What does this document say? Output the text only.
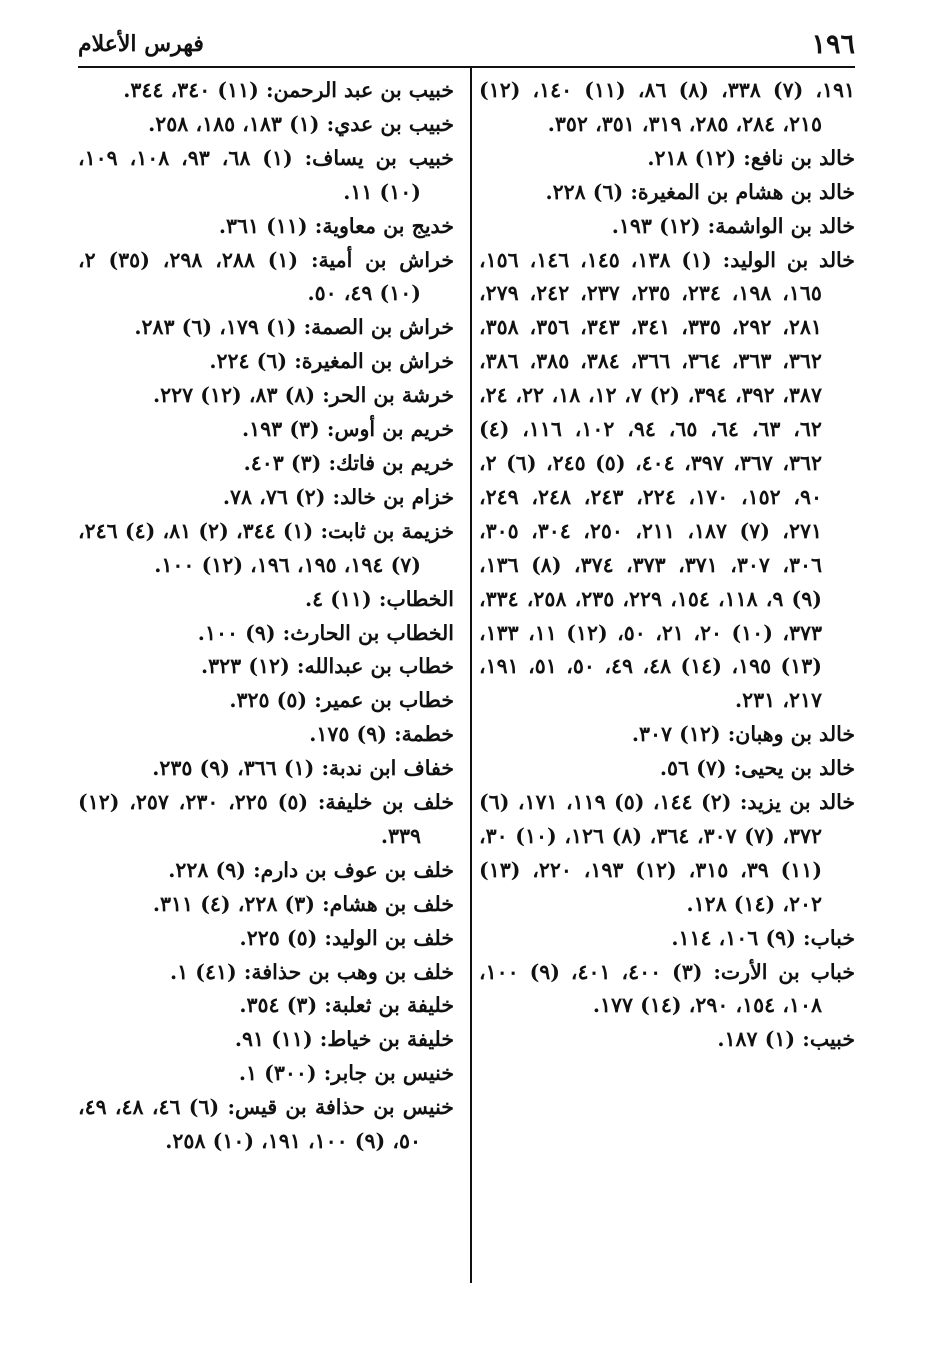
١٩٦
فهرس الأعلام

١٩١، (٧) ٣٣٨، (٨) ٨٦، (١١) ١٤٠، (١٢) ٢١٥، ٢٨٤، ٢٨٥، ٣١٩، ٣٥١، ٣٥٢.

خالد بن نافع: (١٢) ٢١٨.

خالد بن هشام بن المغيرة: (٦) ٢٢٨.

خالد بن الواشمة: (١٢) ١٩٣.

خالد بن الوليد: (١) ١٣٨، ١٤٥، ١٤٦، ١٥٦، ١٦٥، ١٩٨، ٢٣٤، ٢٣٥، ٢٣٧، ٢٤٢، ٢٧٩، ٢٨١، ٢٩٢، ٣٣٥، ٣٤١، ٣٤٣، ٣٥٦، ٣٥٨، ٣٦٢، ٣٦٣، ٣٦٤، ٣٦٦، ٣٨٤، ٣٨٥، ٣٨٦، ٣٨٧، ٣٩٢، ٣٩٤، (٢) ٧، ١٢، ١٨، ٢٢، ٢٤، ٦٢، ٦٣، ٦٤، ٦٥، ٩٤، ١٠٢، ١١٦، (٤) ٣٦٢، ٣٦٧، ٣٩٧، ٤٠٤، (٥) ٢٤٥، (٦) ٢، ٩٠، ١٥٢، ١٧٠، ٢٢٤، ٢٤٣، ٢٤٨، ٢٤٩، ٢٧١، (٧) ١٨٧، ٢١١، ٢٥٠، ٣٠٤، ٣٠٥، ٣٠٦، ٣٠٧، ٣٧١، ٣٧٣، ٣٧٤، (٨) ١٣٦، (٩) ٩، ١١٨، ١٥٤، ٢٢٩، ٢٣٥، ٢٥٨، ٣٣٤، ٣٧٣، (١٠) ٢٠، ٢١، ٥٠، (١٢) ١١، ١٣٣، (١٣) ١٩٥، (١٤) ٤٨، ٤٩، ٥٠، ٥١، ١٩١، ٢١٧، ٢٣١.

خالد بن وهبان: (١٢) ٣٠٧.

خالد بن يحيى: (٧) ٥٦.

خالد بن يزيد: (٢) ١٤٤، (٥) ١١٩، ١٧١، (٦) ٣٧٢، (٧) ٣٠٧، ٣٦٤، (٨) ١٢٦، (١٠) ٣٠، (١١) ٣٩، ٣١٥، (١٢) ١٩٣، ٢٢٠، (١٣) ٢٠٢، (١٤) ١٢٨.

خباب: (٩) ١٠٦، ١١٤.

خباب بن الأرت: (٣) ٤٠٠، ٤٠١، (٩) ١٠٠، ١٠٨، ١٥٤، ٢٩٠، (١٤) ١٧٧.

خبيب: (١) ١٨٧.

خبيب بن عبد الرحمن: (١١) ٣٤٠، ٣٤٤.

خبيب بن عدي: (١) ١٨٣، ١٨٥، ٢٥٨.

خبيب بن يساف: (١) ٦٨، ٩٣، ١٠٨، ١٠٩، (١٠) ١١.

خديج بن معاوية: (١١) ٣٦١.

خراش بن أمية: (١) ٢٨٨، ٢٩٨، (٣٥) ٢، (١٠) ٤٩، ٥٠.

خراش بن الصمة: (١) ١٧٩، (٦) ٢٨٣.

خراش بن المغيرة: (٦) ٢٢٤.

خرشة بن الحر: (٨) ٨٣، (١٢) ٢٢٧.

خريم بن أوس: (٣) ١٩٣.

خريم بن فاتك: (٣) ٤٠٣.

خزام بن خالد: (٢) ٧٦، ٧٨.

خزيمة بن ثابت: (١) ٣٤٤، (٢) ٨١، (٤) ٢٤٦، (٧) ١٩٤، ١٩٥، ١٩٦، (١٢) ١٠٠.

الخطاب: (١١) ٤.

الخطاب بن الحارث: (٩) ١٠٠.

خطاب بن عبدالله: (١٢) ٣٢٣.

خطاب بن عمير: (٥) ٣٢٥.

خطمة: (٩) ١٧٥.

خفاف ابن ندبة: (١) ٣٦٦، (٩) ٢٣٥.

خلف بن خليفة: (٥) ٢٢٥، ٢٣٠، ٢٥٧، (١٢) ٣٣٩.

خلف بن عوف بن دارم: (٩) ٢٢٨.

خلف بن هشام: (٣) ٢٢٨، (٤) ٣١١.

خلف بن الوليد: (٥) ٢٢٥.

خلف بن وهب بن حذافة: (٤١) ١.

خليفة بن ثعلبة: (٣) ٣٥٤.

خليفة بن خياط: (١١) ٩١.

خنيس بن جابر: (٣٠٠) ١.

خنيس بن حذافة بن قيس: (٦) ٤٦، ٤٨، ٤٩، ٥٠، (٩) ١٠٠، ١٩١، (١٠) ٢٥٨.
